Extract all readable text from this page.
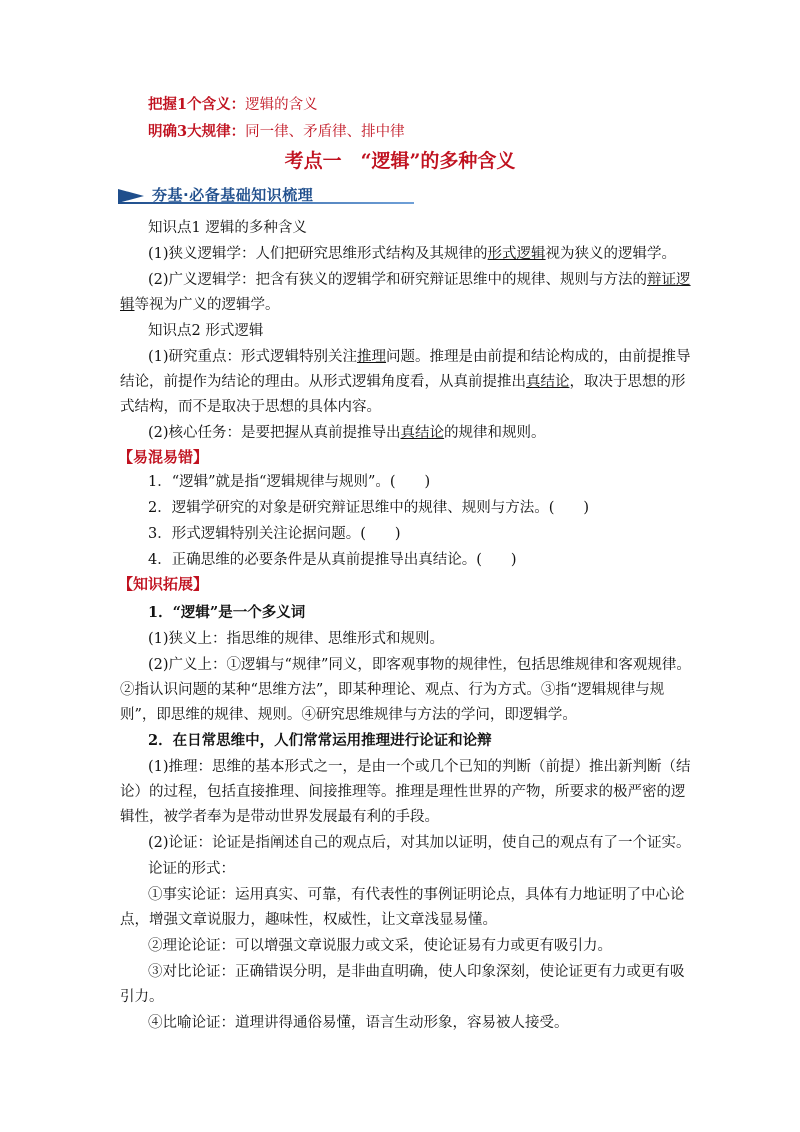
把握1个含义：逻辑的含义
明确3大规律：同一律、矛盾律、排中律
考点一　“逻辑”的多种含义
夯基·必备基础知识梳理
知识点1 逻辑的多种含义
(1)狭义逻辑学：人们把研究思维形式结构及其规律的形式逻辑视为狭义的逻辑学。
(2)广义逻辑学：把含有狭义的逻辑学和研究辩证思维中的规律、规则与方法的辩证逻
辑等视为广义的逻辑学。
知识点2 形式逻辑
(1)研究重点：形式逻辑特别关注推理问题。推理是由前提和结论构成的，由前提推导
结论，前提作为结论的理由。从形式逻辑角度看，从真前提推出真结论，取决于思想的形
式结构，而不是取决于思想的具体内容。
(2)核心任务：是要把握从真前提推导出真结论的规律和规则。
【易混易错】
1．“逻辑”就是指“逻辑规律与规则”。(　　)
2．逻辑学研究的对象是研究辩证思维中的规律、规则与方法。(　　)
3．形式逻辑特别关注论据问题。(　　)
4．正确思维的必要条件是从真前提推导出真结论。(　　)
【知识拓展】
1．“逻辑”是一个多义词
(1)狭义上：指思维的规律、思维形式和规则。
(2)广义上：①逻辑与“规律”同义，即客观事物的规律性，包括思维规律和客观规律。
②指认识问题的某种“思维方法”，即某种理论、观点、行为方式。③指“逻辑规律与规
则”，即思维的规律、规则。④研究思维规律与方法的学问，即逻辑学。
2．在日常思维中，人们常常运用推理进行论证和论辩
(1)推理：思维的基本形式之一，是由一个或几个已知的判断（前提）推出新判断（结
论）的过程，包括直接推理、间接推理等。推理是理性世界的产物，所要求的极严密的逻
辑性，被学者奉为是带动世界发展最有利的手段。
(2)论证：论证是指阐述自己的观点后，对其加以证明，使自己的观点有了一个证实。
论证的形式：
①事实论证：运用真实、可靠，有代表性的事例证明论点，具体有力地证明了中心论
点，增强文章说服力，趣味性，权威性，让文章浅显易懂。
②理论论证：可以增强文章说服力或文采，使论证易有力或更有吸引力。
③对比论证：正确错误分明，是非曲直明确，使人印象深刻，使论证更有力或更有吸
引力。
④比喻论证：道理讲得通俗易懂，语言生动形象，容易被人接受。
